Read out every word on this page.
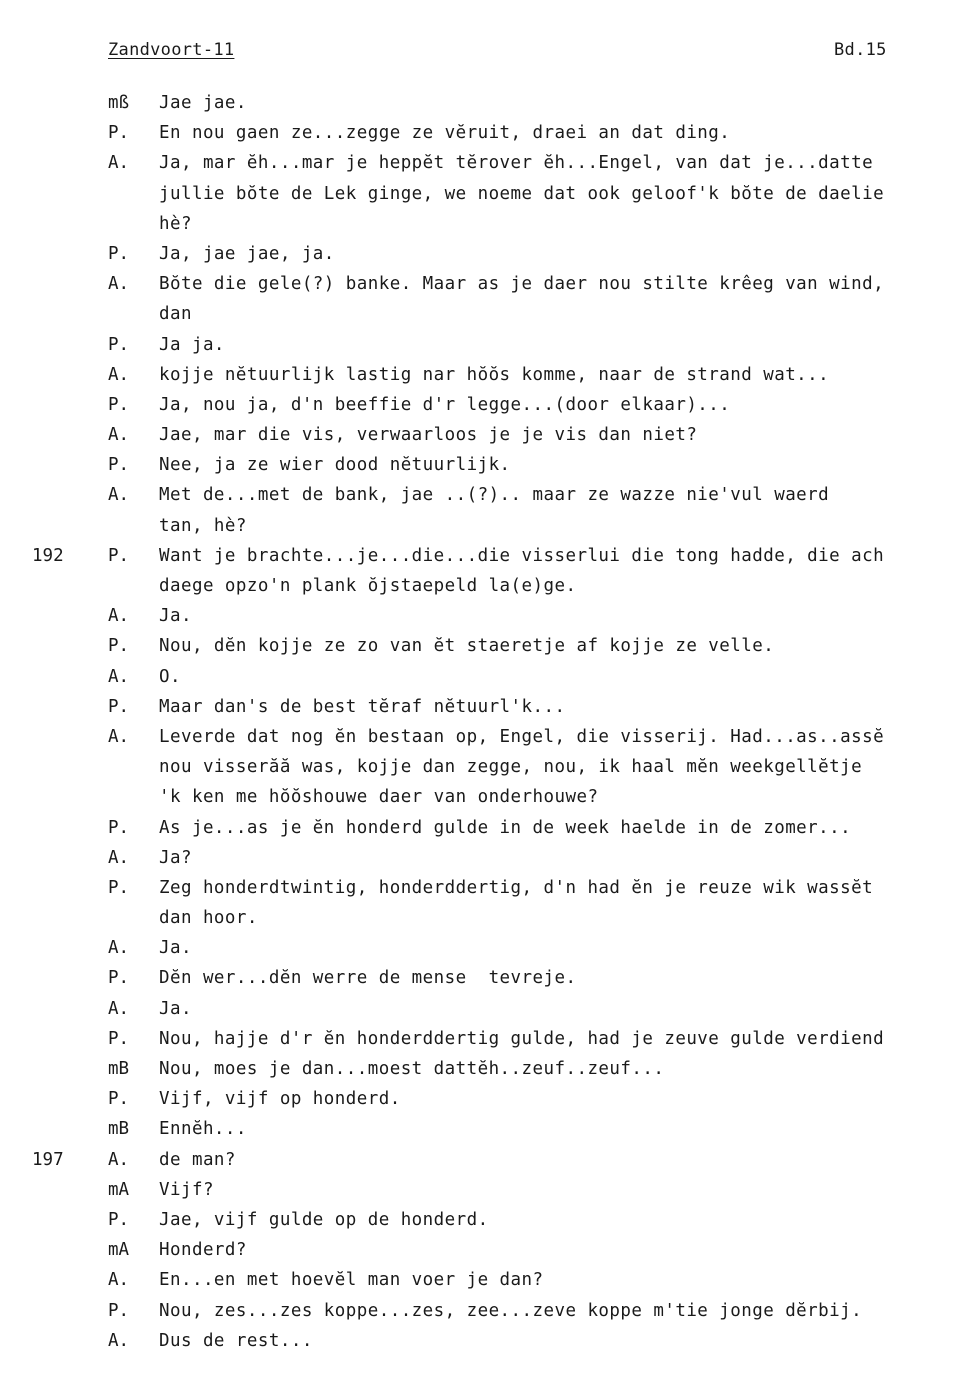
Zandvoort-11	Bd.15
mß Jae jae.
P. En nou gaen ze...zegge ze vĕruit, draei an dat ding.
A. Ja, mar ĕh...mar je heppĕt tĕrover ĕh...Engel, van dat je...datte
jullie bŏte de Lek ginge, we noeme dat ook geloof'k bŏte de daelie
hè?
P. Ja, jae jae, ja.
A. Bŏte die gele(?) banke. Maar as je daer nou stilte krêeg van wind,
dan
P. Ja ja.
A. kojje nĕtuurlijk lastig nar hŏŏs komme, naar de strand wat...
P. Ja, nou ja, d'n beeffie d'r legge...(door elkaar)...
A. Jae, mar die vis, verwaarloos je je vis dan niet?
P. Nee, ja ze wier dood nĕtuurlijk.
A. Met de...met de bank, jae ..(?).. maar ze wazze nie'vul waerd
tan, hè?
192	P. Want je brachte...je...die...die visserlui die tong hadde, die ach
daege opzo'n plank ŏjstaepeld la(e)ge.
A. Ja.
P. Nou, dĕn kojje ze zo van ĕt staeretje af kojje ze velle.
A. O.
P. Maar dan's de best tĕraf nĕtuurl'k...
A. Leverde dat nog ĕn bestaan op, Engel, die visserij. Had...as..assĕ
nou visserăă was, kojje dan zegge, nou, ik haal mĕn weekgellĕtje
'k ken me hŏŏshouwe daer van onderhouwe?
P. As je...as je ĕn honderd gulde in de week haelde in de zomer...
A. Ja?
P. Zeg honderdtwintig, honderddertig, d'n had ĕn je reuze wik wassĕt
dan hoor.
A. Ja.
P. Dĕn wer...dĕn werre de mense  tevreje.
A. Ja.
P. Nou, hajje d'r ĕn honderddertig gulde, had je zeuve gulde verdiend
mB Nou, moes je dan...moest dattĕh..zeuf..zeuf...
P. Vijf, vijf op honderd.
mB Ennĕh...
197	A. de man?
mA Vijf?
P. Jae, vijf gulde op de honderd.
mA Honderd?
A. En...en met hoevĕl man voer je dan?
P. Nou, zes...zes koppe...zes, zee...zeve koppe m'tie jonge dĕrbij.
A. Dus de rest...
